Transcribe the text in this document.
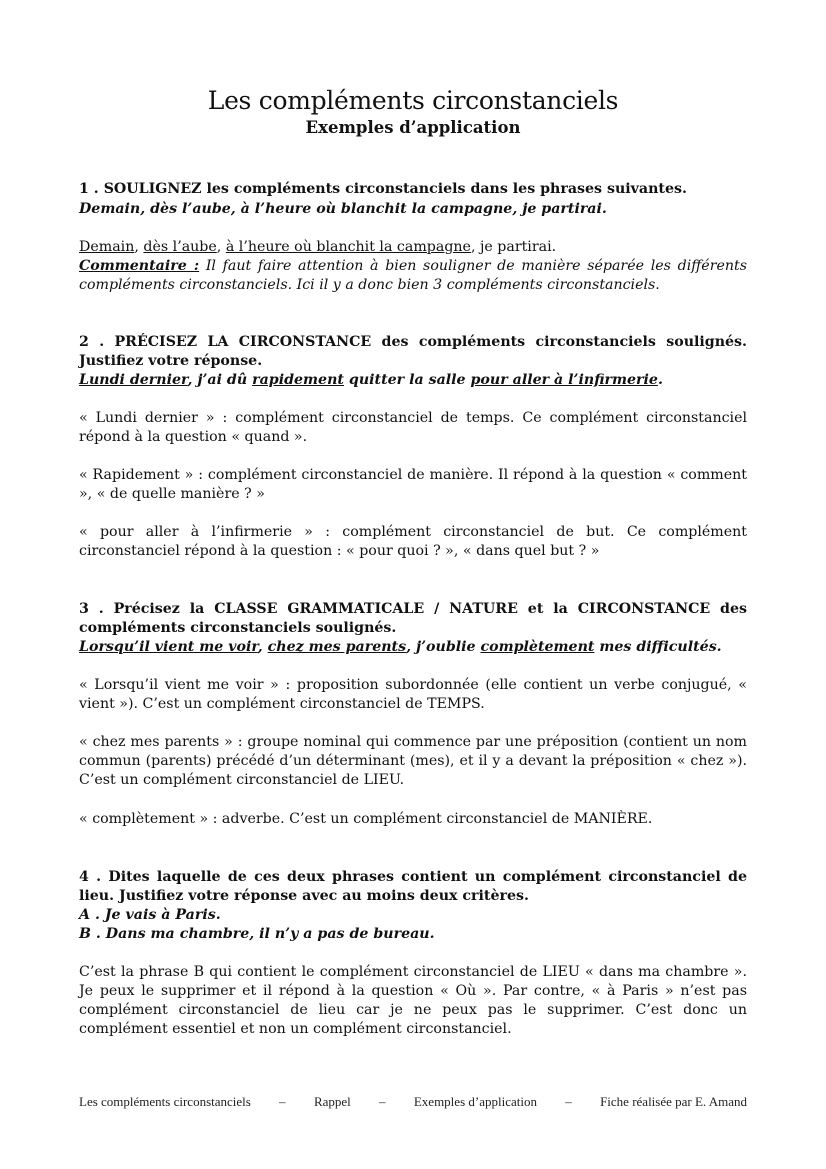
Les compléments circonstanciels
Exemples d’application
1 . SOULIGNEZ les compléments circonstanciels dans les phrases suivantes.
Demain, dès l’aube, à l’heure où blanchit la campagne, je partirai.
Demain, dès l’aube, à l’heure où blanchit la campagne, je partirai.
Commentaire : Il faut faire attention à bien souligner de manière séparée les différents compléments circonstanciels. Ici il y a donc bien 3 compléments circonstanciels.
2 . PRÉCISEZ LA CIRCONSTANCE des compléments circonstanciels soulignés. Justifiez votre réponse.
Lundi dernier, j’ai dû rapidement quitter la salle pour aller à l’infirmerie.
« Lundi dernier » : complément circonstanciel de temps. Ce complément circonstanciel répond à la question « quand ».
« Rapidement » : complément circonstanciel de manière. Il répond à la question « comment », « de quelle manière ? »
« pour aller à l’infirmerie » : complément circonstanciel de but. Ce complément circonstanciel répond à la question : « pour quoi ? », « dans quel but ? »
3 . Précisez la CLASSE GRAMMATICALE / NATURE et la CIRCONSTANCE des compléments circonstanciels soulignés.
Lorsqu’il vient me voir, chez mes parents, j’oublie complètement mes difficultés.
« Lorsqu’il vient me voir » : proposition subordonnée (elle contient un verbe conjugué, « vient »). C’est un complément circonstanciel de TEMPS.
« chez mes parents » : groupe nominal qui commence par une préposition (contient un nom commun (parents) précédé d’un déterminant (mes), et il y a devant la préposition « chez »). C’est un complément circonstanciel de LIEU.
« complètement » : adverbe. C’est un complément circonstanciel de MANIÈRE.
4 . Dites laquelle de ces deux phrases contient un complément circonstanciel de lieu. Justifiez votre réponse avec au moins deux critères.
A . Je vais à Paris.
B . Dans ma chambre, il n’y a pas de bureau.
C’est la phrase B qui contient le complément circonstanciel de LIEU « dans ma chambre ». Je peux le supprimer et il répond à la question « Où ». Par contre, « à Paris » n’est pas complément circonstanciel de lieu car je ne peux pas le supprimer. C’est donc un complément essentiel et non un complément circonstanciel.
Les compléments circonstanciels – Rappel – Exemples d’application – Fiche réalisée par E. Amand
